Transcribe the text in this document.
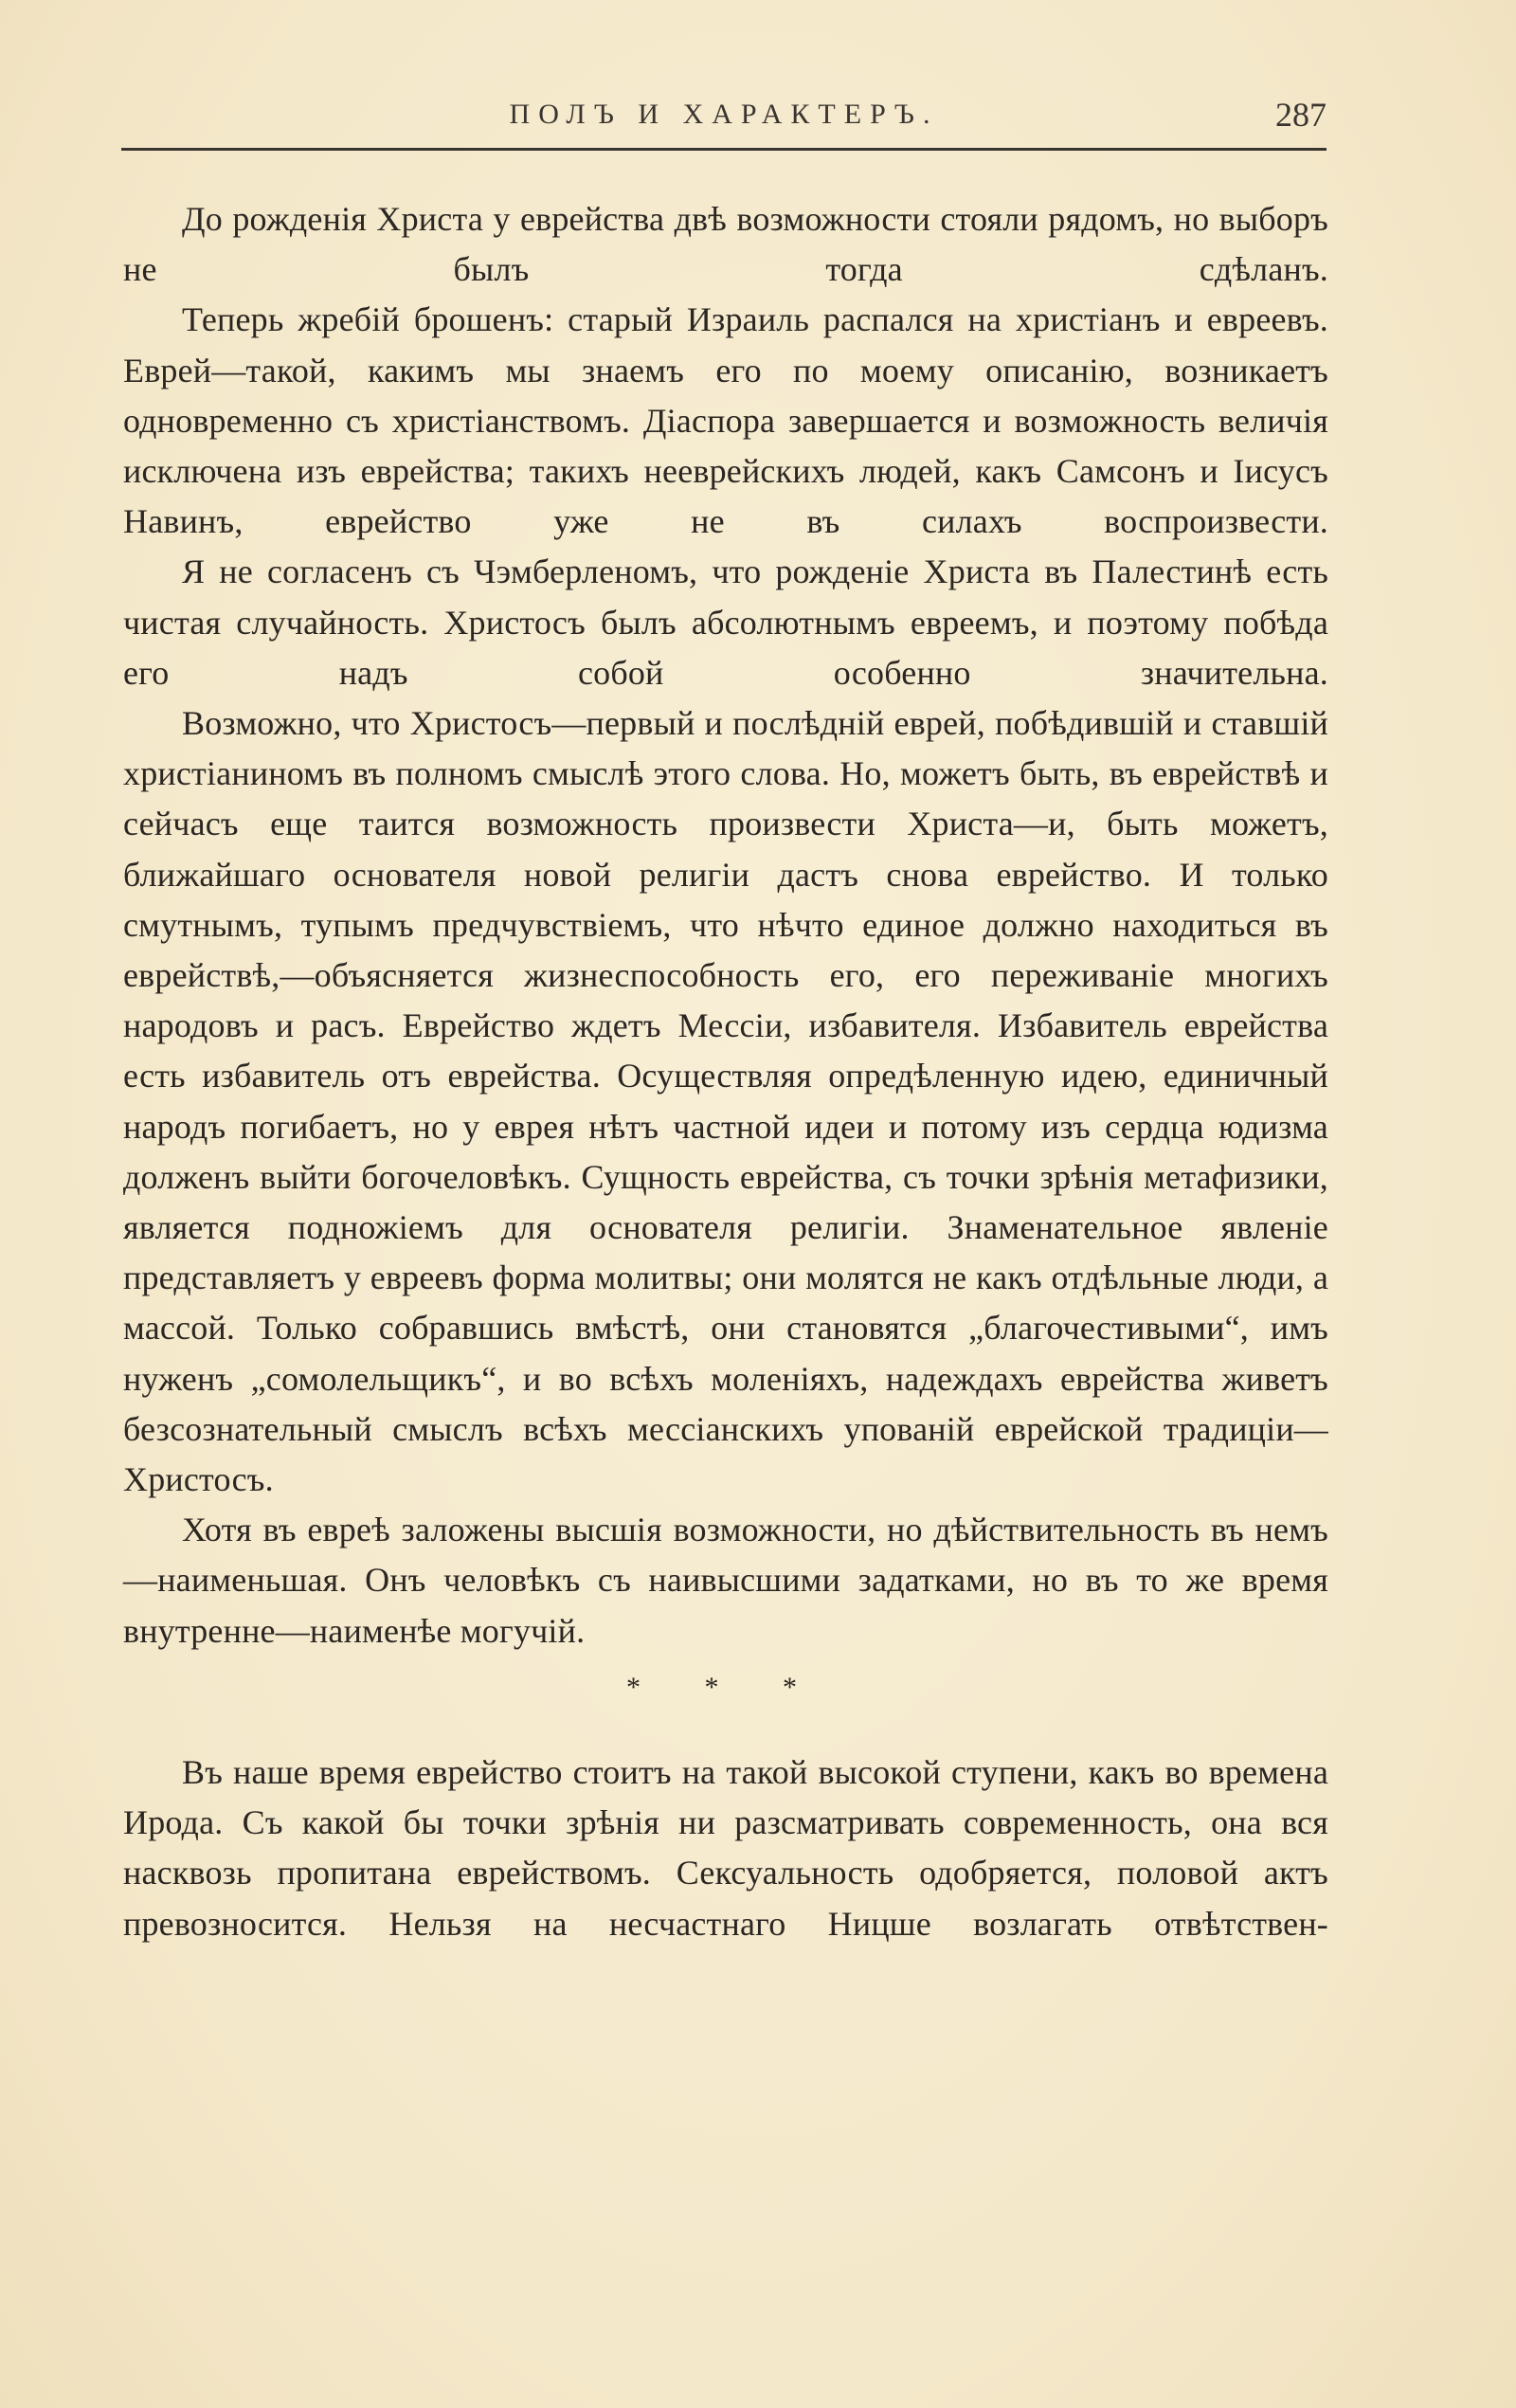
ПОЛЪ И ХАРАКТЕРЪ.	287

До рожденія Христа у еврейства двѣ возможности стояли рядомъ, но выборъ не былъ тогда сдѣланъ.

Теперь жребій брошенъ: старый Израиль распался на христіанъ и евреевъ. Еврей—такой, какимъ мы знаемъ его по моему описанію, возникаетъ одновременно съ христіанствомъ. Діаспора завершается и возможность величія исключена изъ еврейства; такихъ нееврейскихъ людей, какъ Самсонъ и Іисусъ Навинъ, еврейство уже не въ силахъ воспроизвести.

Я не согласенъ съ Чэмберленомъ, что рожденіе Христа въ Палестинѣ есть чистая случайность. Христосъ былъ абсолютнымъ евреемъ, и поэтому побѣда его надъ собой особенно значительна.

Возможно, что Христосъ—первый и послѣдній еврей, побѣдившій и ставшій христіаниномъ въ полномъ смыслѣ этого слова. Но, можетъ быть, въ еврействѣ и сейчасъ еще таится возможность произвести Христа—и, быть можетъ, ближайшаго основателя новой религіи дастъ снова еврейство. И только смутнымъ, тупымъ предчувствіемъ, что нѣчто единое должно находиться въ еврействѣ,—объясняется жизнеспособность его, его переживаніе многихъ народовъ и расъ. Еврейство ждетъ Мессіи, избавителя. Избавитель еврейства есть избавитель отъ еврейства. Осуществляя опредѣленную идею, единичный народъ погибаетъ, но у еврея нѣтъ частной идеи и потому изъ сердца юдизма долженъ выйти богочеловѣкъ. Сущность еврейства, съ точки зрѣнія метафизики, является подножіемъ для основателя религіи. Знаменательное явленіе представляетъ у евреевъ форма молитвы; они молятся не какъ отдѣльные люди, а массой. Только собравшись вмѣстѣ, они становятся „благочестивыми“, имъ нуженъ „сомолельщикъ“, и во всѣхъ моленіяхъ, надеждахъ еврейства живетъ безсознательный смыслъ всѣхъ мессіанскихъ упованій еврейской традиціи—Христосъ.

Хотя въ евреѣ заложены высшія возможности, но дѣйствительность въ немъ—наименьшая. Онъ человѣкъ съ наивысшими задатками, но въ то же время внутренне—наименѣе могучій.

* * *

Въ наше время еврейство стоитъ на такой высокой ступени, какъ во времена Ирода. Съ какой бы точки зрѣнія ни разсматривать современность, она вся насквозь пропитана еврействомъ. Сексуальность одобряется, половой актъ превозносится. Нельзя на несчастнаго Ницше возлагать отвѣтствен-
